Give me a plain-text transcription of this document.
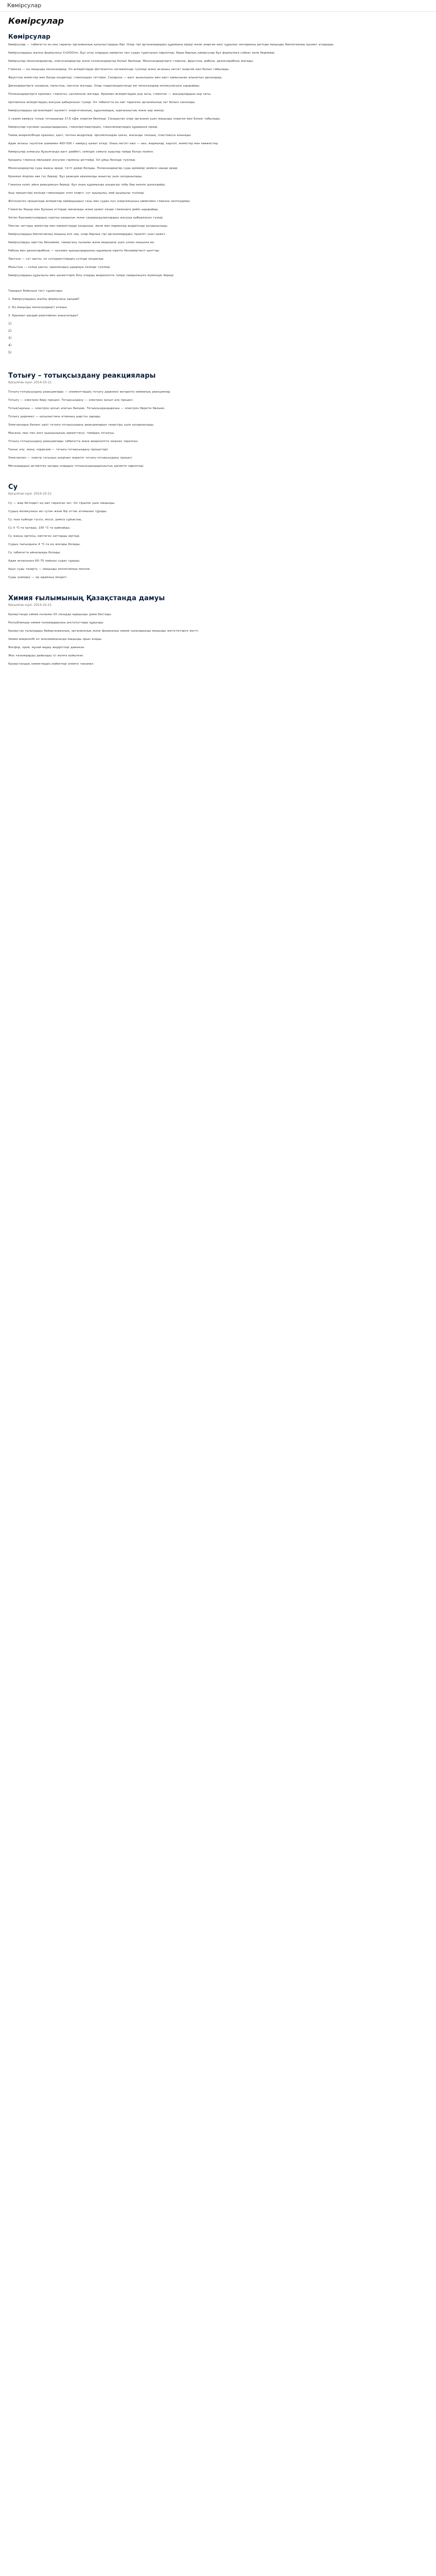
Көмірсулар
Көмірсулар
Көмірсулар
Көмірсулар — табиғатта ең кең тараған органикалық қосылыстардың бірі. Олар тірі организмдердің құрамына кіреді және энергия көзі, құрылыс материалы ретінде маңызды биологиялық қызмет атқарады.
Көмірсулардың жалпы формуласы Cn(H2O)m. Бұл атау олардың көміртек пен судан тұратынын көрсетеді, бірақ барлық көмірсулар бұл формулаға сәйкес келе бермейді.
Көмірсулар моносахаридтер, олигосахаридтер және полисахаридтер болып бөлінеді. Моносахаридтерге глюкоза, фруктоза, рибоза, дезоксирибоза жатады.
Глюкоза — ең маңызды моносахарид. Ол өсімдіктерде фотосинтез нәтижесінде түзіледі және ағзаның негізгі энергия көзі болып табылады.
Фруктоза жемістер мен балда кездеседі, глюкозадан тәттірек. Сахароза — қант қызылшасы мен қант қамысынан алынатын дисахарид.
Дисахаридтерге сахароза, мальтоза, лактоза жатады. Олар гидролизденгенде екі моносахарид молекуласына ыдырайды.
Полисахаридтерге крахмал, гликоген, целлюлоза жатады. Крахмал өсімдіктердің қор заты, гликоген — жануарлардың қор заты.
Целлюлоза өсімдіктердің жасуша қабырғасын түзеді. Ол табиғатта ең көп таралған органикалық зат болып саналады.
Көмірсулардың организмдегі қызметі: энергетикалық, құрылымдық, қорғаныштық және қор жинау.
1 грамм көмірсу толық тотыққанда 17,6 кДж энергия бөлінеді. Сондықтан олар организм үшін маңызды энергия көзі болып табылады.
Көмірсулар нуклеин қышқылдарының, гликопротеидтердің, гликолипидтердің құрамына кіреді.
Тамақ өнеркәсібінде крахмал, қант, патока өндіріледі. Целлюлозадан қағаз, жасанды талшық, пластмасса алынады.
Адам ағзасы тәулігіне шамамен 400–500 г көмірсу қажет етеді. Оның негізгі көзі — нан, жармалар, картоп, жемістер мен көкөністер.
Көмірсулар алмасуы бұзылғанда қант диабеті, семіздік сияқты аурулар пайда болуы мүмкін.
Қандағы глюкоза мөлшерін инсулин гормоны реттейді. Ол ұйқы безінде түзіледі.
Моносахаридтер суда жақсы ериді, тәтті дәмді болады. Полисахаридтер суда ерімейді немесе нашар ериді.
Крахмал йодпен көк түс береді. Бұл реакция крахмалды анықтау үшін қолданылады.
Глюкоза күміс айна реакциясын береді, бұл оның құрамында альдегид тобы бар екенін дәлелдейді.
Ашу процестері кезінде глюкозадан этил спирті, сүт қышқылы, май қышқылы түзіледі.
Фотосинтез процесінде өсімдіктер көмірқышқыл газы мен судан күн энергиясының көмегімен глюкоза синтездейді.
Гликоген бауыр мен бұлшық еттерде жиналады және қажет кезде глюкозаға дейін ыдырайды.
Хитин буынаяқтылардың сыртқы қаңқасын және саңырауқұлақтардың жасуша қабырғасын түзеді.
Пектин заттары жемістер мен көкөністерде кездеседі, желе мен мармелад өндірісінде қолданылады.
Көмірсулардың биологиялық маңызы өте зор, олар барлық тірі организмдердің тіршілігі үшін қажет.
Көмірсуларды зерттеу биохимия, тамақтану ғылымы және медицина үшін үлкен маңызға ие.
Рибоза мен дезоксирибоза — нуклеин қышқылдарының құрамына кіретін бескөміртекті қанттар.
Лактоза — сүт қанты, ол сүтқоректілердің сүтінде кездеседі.
Мальтоза — солод қанты, крахмалдың ыдырауы кезінде түзіледі.
Көмірсулардың құрылысы мен қасиеттерін білу оларды өнеркәсіпте тиімді пайдалануға мүмкіндік береді.
Тақырып бойынша тест сұрақтары:
1. Көмірсулардың жалпы формуласы қандай?
2. Ең маңызды моносахаридті атаңыз.
3. Крахмал қандай реактивпен анықталады?
1)
2)
3)
4)
5)
Тотығу – тотықсыздану реакциялары
Қосылған күні: 2014-10-21
Тотығу-тотықсыздану реакциялары — элементтердің тотығу дәрежесі өзгеретін химиялық реакциялар.
Тотығу — электрон беру процесі. Тотықсыздану — электрон қосып алу процесі.
Тотықтырғыш — электрон қосып алатын бөлшек. Тотықсыздандырғыш — электрон беретін бөлшек.
Тотығу дәрежесі — қосылыстағы атомның шартты заряды.
Электрондық баланс әдісі тотығу-тотықсыздану реакцияларын теңестіру үшін қолданылады.
Мысалы: мыс пен азот қышқылының әрекеттесуі, темірдің тотығуы.
Тотығу-тотықсыздану реакциялары табиғатта және өнеркәсіпте кеңінен таралған.
Тыныс алу, жану, коррозия — тотығу-тотықсыздану процестері.
Электролиз — электр тогының әсерінен жүретін тотығу-тотықсыздану процесі.
Металдардың активтілік қатары олардың тотықсыздандырғыштық қасиетін көрсетеді.
Су
Қосылған күні: 2014-10-21
Су — жер бетіндегі ең көп таралған зат. Ол тіршілік үшін маңызды.
Судың молекуласы екі сутек және бір оттек атомынан тұрады.
Су таза күйінде түссіз, иіссіз, дәмсіз сұйықтық.
Су 0 °C-та қатады, 100 °C-та қайнайды.
Су жақсы еріткіш, көптеген заттарды ерітеді.
Судың тығыздығы 4 °C-та ең жоғары болады.
Су табиғатта айналымда болады.
Адам ағзасының 60–70 пайызы судан тұрады.
Ауыз суды тазарту — маңызды экологиялық мәселе.
Суды үнемдеу — әр адамның міндеті.
Химия ғылымының Қазақстанда дамуы
Қосылған күні: 2014-10-21
Қазақстанда химия ғылымы XX ғасырда қарқынды дами бастады.
Республикада химия ғылымдарының институттары құрылды.
Қазақстан ғалымдары бейорганикалық, органикалық және физикалық химия салаларында маңызды жетістіктерге жетті.
Химия өнеркәсібі ел экономикасында маңызды орын алады.
Фосфор, хром, мұнай өңдеу өндірістері дамыған.
Жас ғалымдарды дайындау ісі жолға қойылған.
Қазақстандық химиктердің еңбектері әлемге танымал.
